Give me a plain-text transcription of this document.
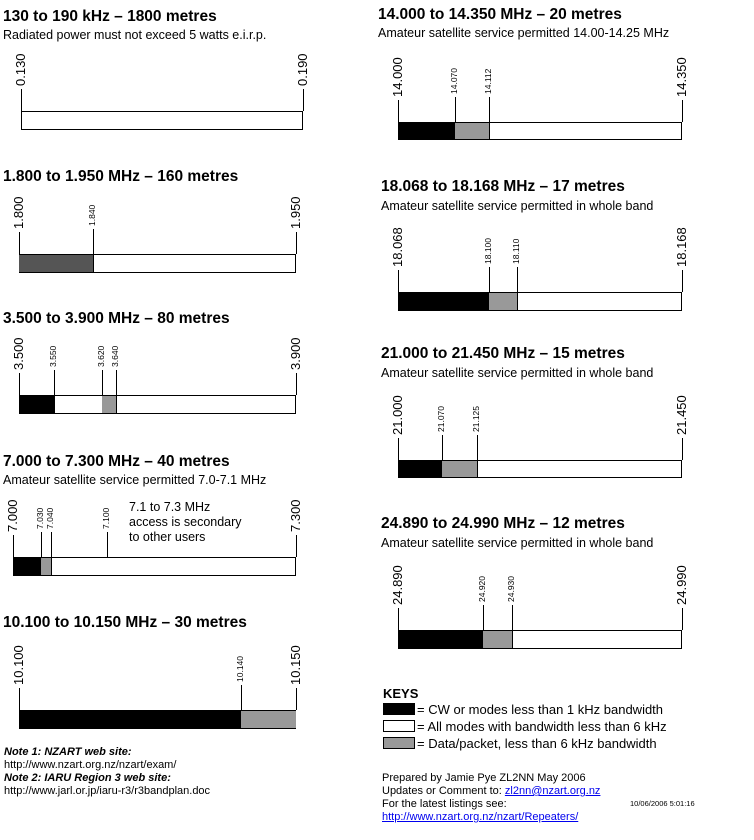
130 to 190 kHz – 1800 metres
Radiated power must not exceed 5 watts e.i.r.p.
0.130	0.190
1.800 to 1.950 MHz – 160 metres
1.800	1.840	1.950
3.500 to 3.900 MHz – 80 metres
3.500	3.550	3.620 3.640	3.900
7.000 to 7.300 MHz – 40 metres
Amateur satellite service permitted 7.0-7.1 MHz
7.000 7.030 7.040	7.100	7.300
7.1 to 7.3 MHz
access is secondary
to other users
10.100 to 10.150 MHz – 30 metres
10.100	10.140	10.150
14.000 to 14.350 MHz – 20 metres
Amateur satellite service permitted 14.00-14.25 MHz
14.000	14.070	14.112	14.350
18.068 to 18.168 MHz – 17 metres
Amateur satellite service permitted in whole band
18.068	18.100 18.110	18.168
21.000 to 21.450 MHz – 15 metres
Amateur satellite service permitted in whole band
21.000	21.070	21.125	21.450
24.890 to 24.990 MHz – 12 metres
Amateur satellite service permitted in whole band
24.890	24.920 24.930	24.990
KEYS
= CW or modes less than 1 kHz bandwidth
= All modes with bandwidth less than 6 kHz
= Data/packet, less than 6 kHz bandwidth
Note 1: NZART web site:
http://www.nzart.org.nz/nzart/exam/
Note 2: IARU Region 3 web site:
http://www.jarl.or.jp/iaru-r3/r3bandplan.doc
Prepared by Jamie Pye ZL2NN May 2006
Updates or Comment to: zl2nn@nzart.org.nz
For the latest listings see:
http://www.nzart.org.nz/nzart/Repeaters/
10/06/2006 5:01:16
